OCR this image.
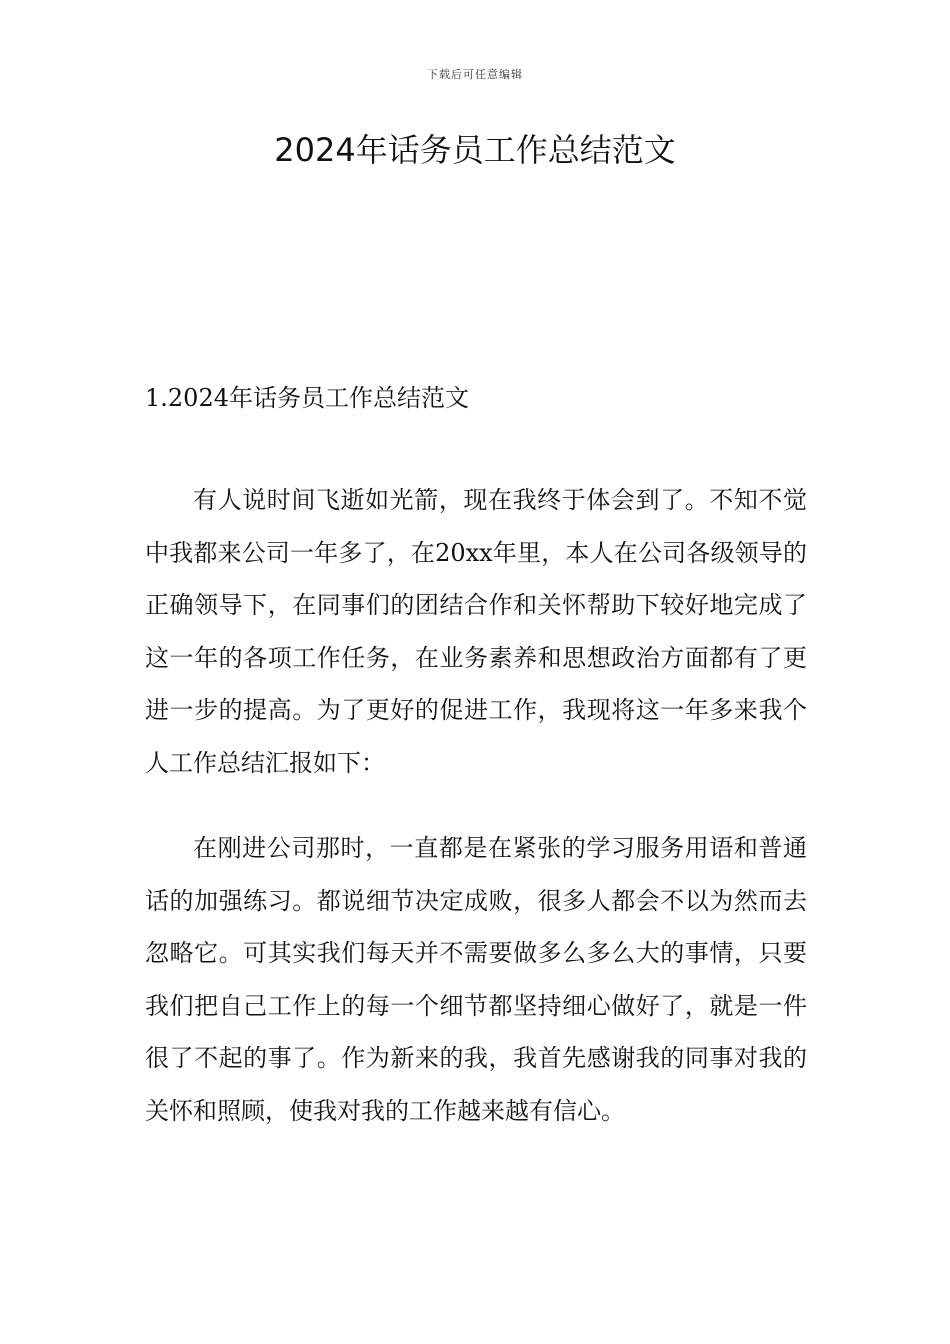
下载后可任意编辑
2024年话务员工作总结范文
1.2024年话务员工作总结范文

有人说时间飞逝如光箭，现在我终于体会到了。不知不觉中我都来公司一年多了，在20xx年里，本人在公司各级领导的正确领导下，在同事们的团结合作和关怀帮助下较好地完成了这一年的各项工作任务，在业务素养和思想政治方面都有了更进一步的提高。为了更好的促进工作，我现将这一年多来我个人工作总结汇报如下：

在刚进公司那时，一直都是在紧张的学习服务用语和普通话的加强练习。都说细节决定成败，很多人都会不以为然而去忽略它。可其实我们每天并不需要做多么多么大的事情，只要我们把自己工作上的每一个细节都坚持细心做好了，就是一件很了不起的事了。作为新来的我，我首先感谢我的同事对我的关怀和照顾，使我对我的工作越来越有信心。
